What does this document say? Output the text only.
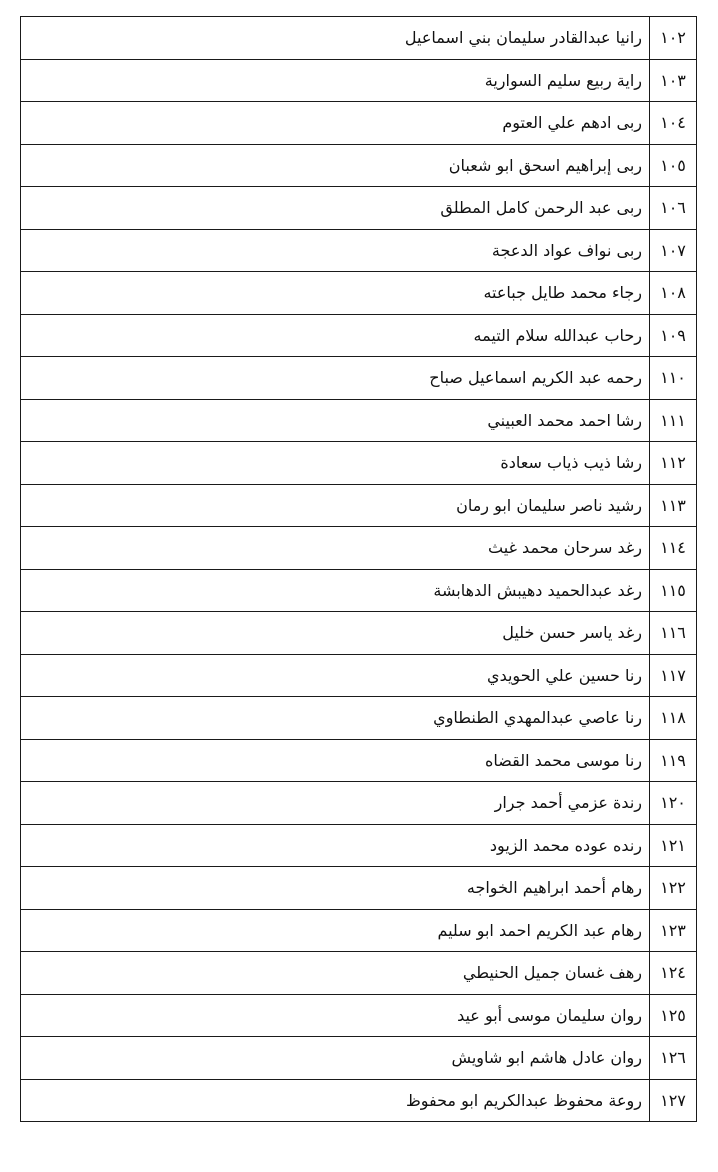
١٠٢	رانيا عبدالقادر سليمان بني اسماعيل
١٠٣	راية ربيع سليم السوارية
١٠٤	ربى ادهم علي العتوم
١٠٥	ربى إبراهيم اسحق ابو شعبان
١٠٦	ربى عبد الرحمن كامل المطلق
١٠٧	ربى نواف عواد الدعجة
١٠٨	رجاء محمد طايل جباعته
١٠٩	رحاب عبدالله سلام التيمه
١١٠	رحمه عبد الكريم اسماعيل صباح
١١١	رشا احمد محمد العبيني
١١٢	رشا ذيب ذياب سعادة
١١٣	رشيد ناصر سليمان ابو رمان
١١٤	رغد سرحان محمد غيث
١١٥	رغد عبدالحميد دهيبش الدهابشة
١١٦	رغد ياسر حسن خليل
١١٧	رنا حسين علي الحويدي
١١٨	رنا عاصي عبدالمهدي الطنطاوي
١١٩	رنا موسى محمد القضاه
١٢٠	رندة عزمي أحمد جرار
١٢١	رنده عوده محمد الزيود
١٢٢	رهام أحمد ابراهيم الخواجه
١٢٣	رهام عبد الكريم احمد ابو سليم
١٢٤	رهف غسان جميل الحنيطي
١٢٥	روان سليمان موسى أبو عيد
١٢٦	روان عادل هاشم ابو شاويش
١٢٧	روعة محفوظ عبدالكريم ابو محفوظ
